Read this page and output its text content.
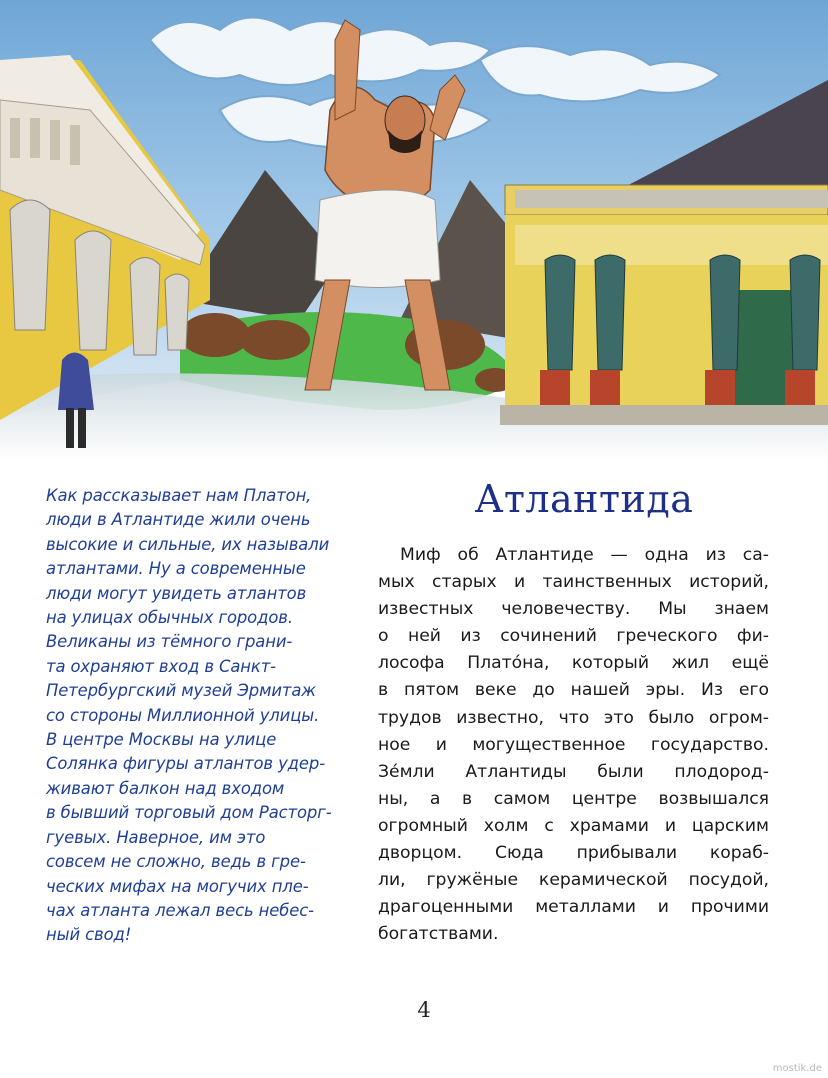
Как рассказывает нам Платон,
люди в Атлантиде жили очень
высокие и сильные, их называли
атлантами. Ну а современные
люди могут увидеть атлантов
на улицах обычных городов.
Великаны из тёмного грани-
та охраняют вход в Санкт-
Петербургский музей Эрмитаж
со стороны Миллионной улицы.
В центре Москвы на улице
Солянка фигуры атлантов удер-
живают балкон над входом
в бывший торговый дом Расторг-
гуевых. Наверное, им это
совсем не сложно, ведь в гре-
ческих мифах на могучих пле-
чах атланта лежал весь небес-
ный свод!
Атлантида
Миф об Атлантиде — одна из са-
мых старых и таинственных историй,
известных человечеству. Мы знаем
о ней из сочинений греческого фи-
лософа Плато́на, который жил ещё
в пятом веке до нашей эры. Из его
трудов известно, что это было огром-
ное и могущественное государство.
Зе́мли Атлантиды были плодород-
ны, а в самом центре возвышался
огромный холм с храмами и царским
дворцом. Сюда прибывали кораб-
ли, гружёные керамической посудой,
драгоценными металлами и прочими
богатствами.
4
mostik.de
